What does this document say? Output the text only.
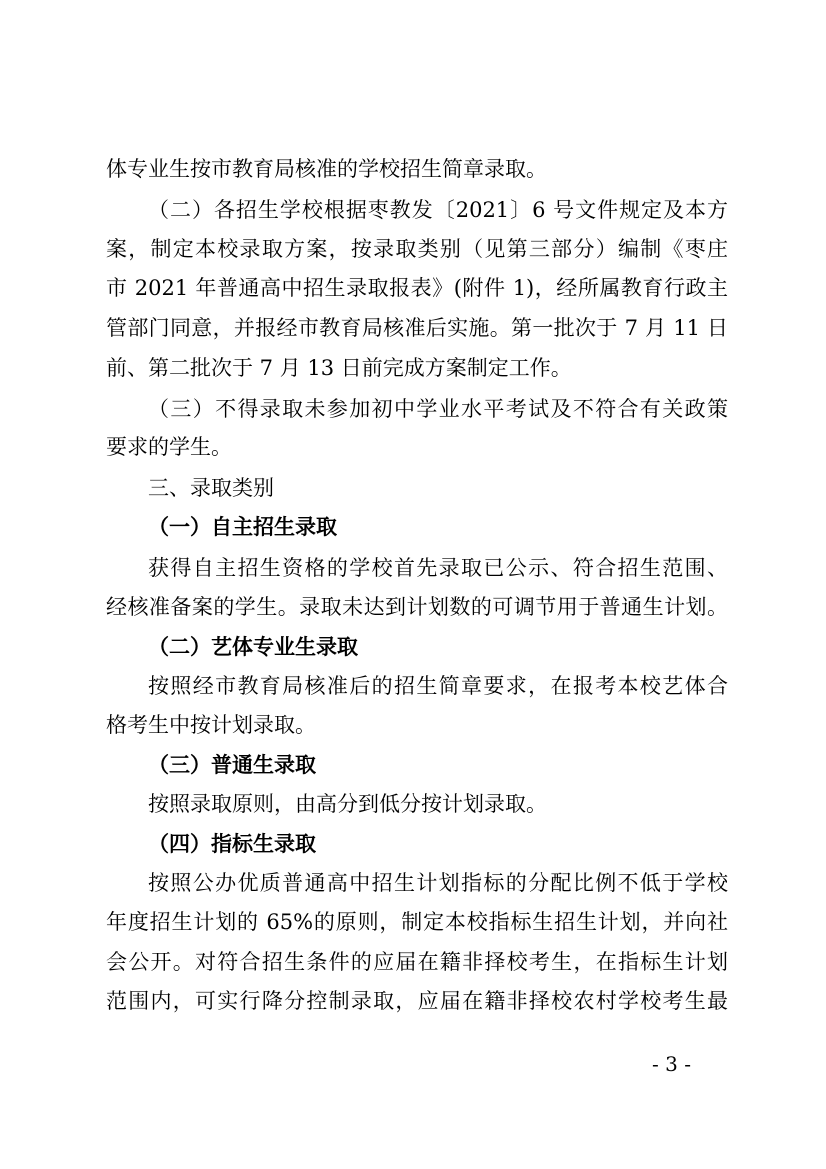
体专业生按市教育局核准的学校招生简章录取。
（二）各招生学校根据枣教发〔2021〕6 号文件规定及本方
案，制定本校录取方案，按录取类别（见第三部分）编制《枣庄
市 2021 年普通高中招生录取报表》(附件 1)，经所属教育行政主
管部门同意，并报经市教育局核准后实施。第一批次于 7 月 11 日
前、第二批次于 7 月 13 日前完成方案制定工作。
（三）不得录取未参加初中学业水平考试及不符合有关政策
要求的学生。
三、录取类别
（一）自主招生录取
获得自主招生资格的学校首先录取已公示、符合招生范围、
经核准备案的学生。录取未达到计划数的可调节用于普通生计划。
（二）艺体专业生录取
按照经市教育局核准后的招生简章要求，在报考本校艺体合
格考生中按计划录取。
（三）普通生录取
按照录取原则，由高分到低分按计划录取。
（四）指标生录取
按照公办优质普通高中招生计划指标的分配比例不低于学校
年度招生计划的 65%的原则，制定本校指标生招生计划，并向社
会公开。对符合招生条件的应届在籍非择校考生，在指标生计划
范围内，可实行降分控制录取，应届在籍非择校农村学校考生最
- 3 -
